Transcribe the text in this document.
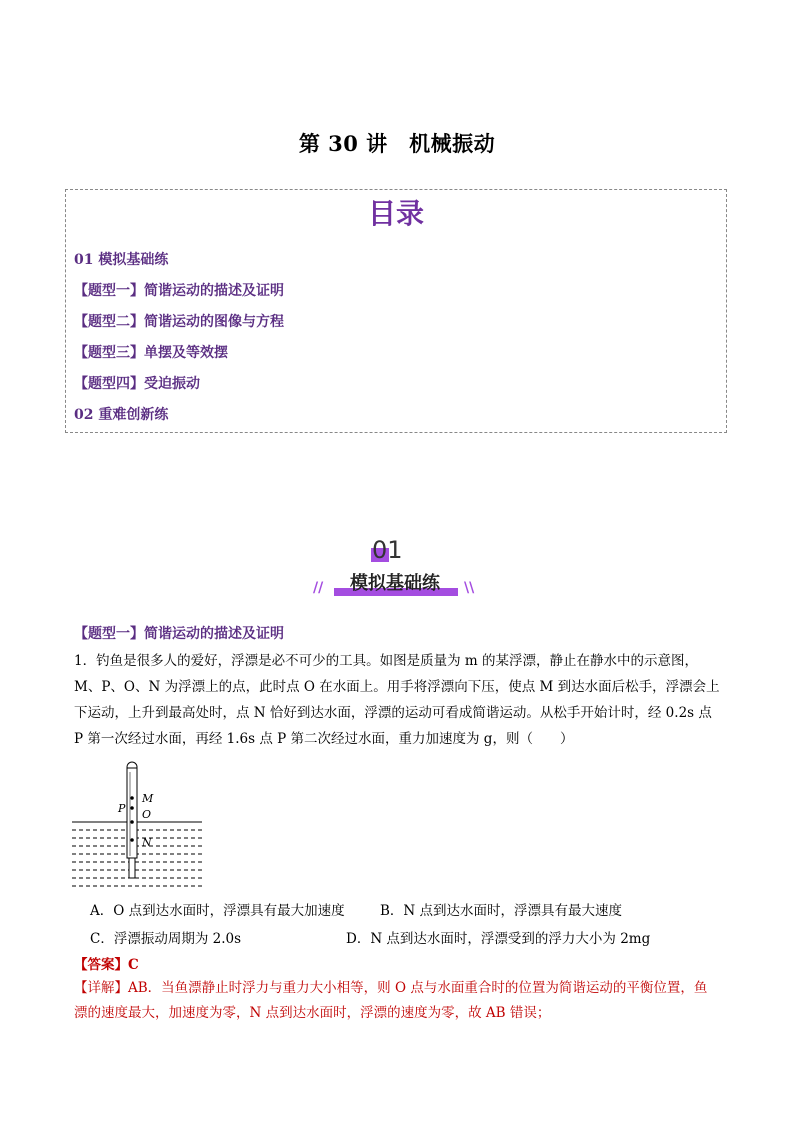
第 30 讲　机械振动
目录
01 模拟基础练
【题型一】简谐运动的描述及证明
【题型二】简谐运动的图像与方程
【题型三】单摆及等效摆
【题型四】受迫振动
02 重难创新练
01
模拟基础练
//	\\
【题型一】简谐运动的描述及证明
1．钓鱼是很多人的爱好，浮漂是必不可少的工具。如图是质量为 m 的某浮漂，静止在静水中的示意图，
M、P、O、N 为浮漂上的点，此时点 O 在水面上。用手将浮漂向下压，使点 M 到达水面后松手，浮漂会上
下运动，上升到最高处时，点 N 恰好到达水面，浮漂的运动可看成简谐运动。从松手开始计时，经 0.2s 点
P 第一次经过水面，再经 1.6s 点 P 第二次经过水面，重力加速度为 g，则（　　）
M
P O
N
A．O 点到达水面时，浮漂具有最大加速度	B．N 点到达水面时，浮漂具有最大速度
C．浮漂振动周期为 2.0s	D．N 点到达水面时，浮漂受到的浮力大小为 2mg
【答案】C
【详解】AB．当鱼漂静止时浮力与重力大小相等，则 O 点与水面重合时的位置为简谐运动的平衡位置，鱼
漂的速度最大，加速度为零，N 点到达水面时，浮漂的速度为零，故 AB 错误；
